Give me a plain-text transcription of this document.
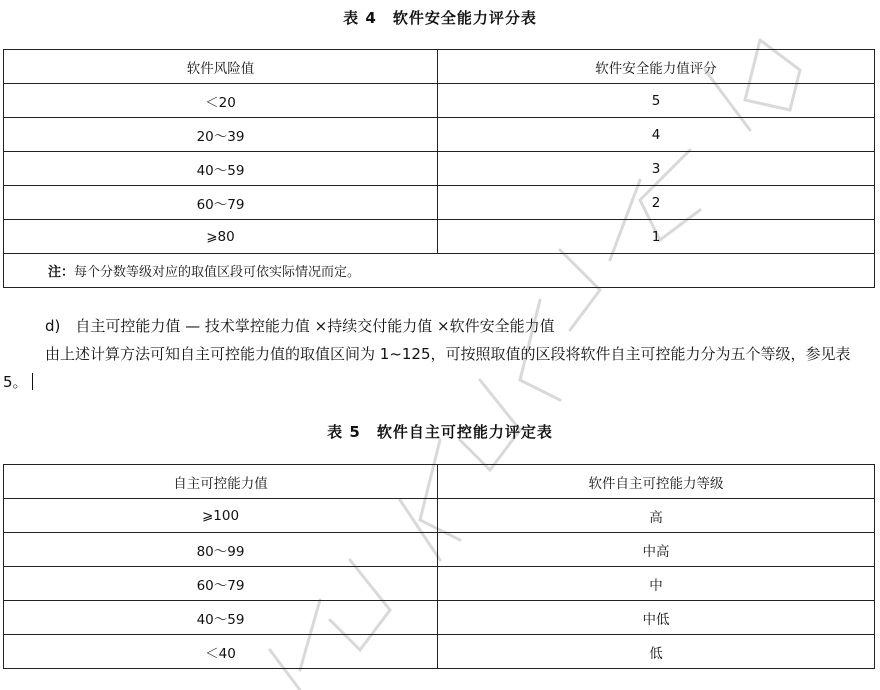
表 4　软件安全能力评分表
软件风险值	软件安全能力值评分
＜20	5
20～39	4
40～59	3
60～79	2
⩾80	1
注：每个分数等级对应的取值区段可依实际情况而定。	
d)　自主可控能力值 — 技术掌控能力值 ×持续交付能力值 ×软件安全能力值
由上述计算方法可知自主可控能力值的取值区间为 1~125，可按照取值的区段将软件自主可控能力分为五个等级，参见表 5。
表 5　软件自主可控能力评定表
自主可控能力值	软件自主可控能力等级
⩾100	高
80～99	中高
60～79	中
40～59	中低
＜40	低
